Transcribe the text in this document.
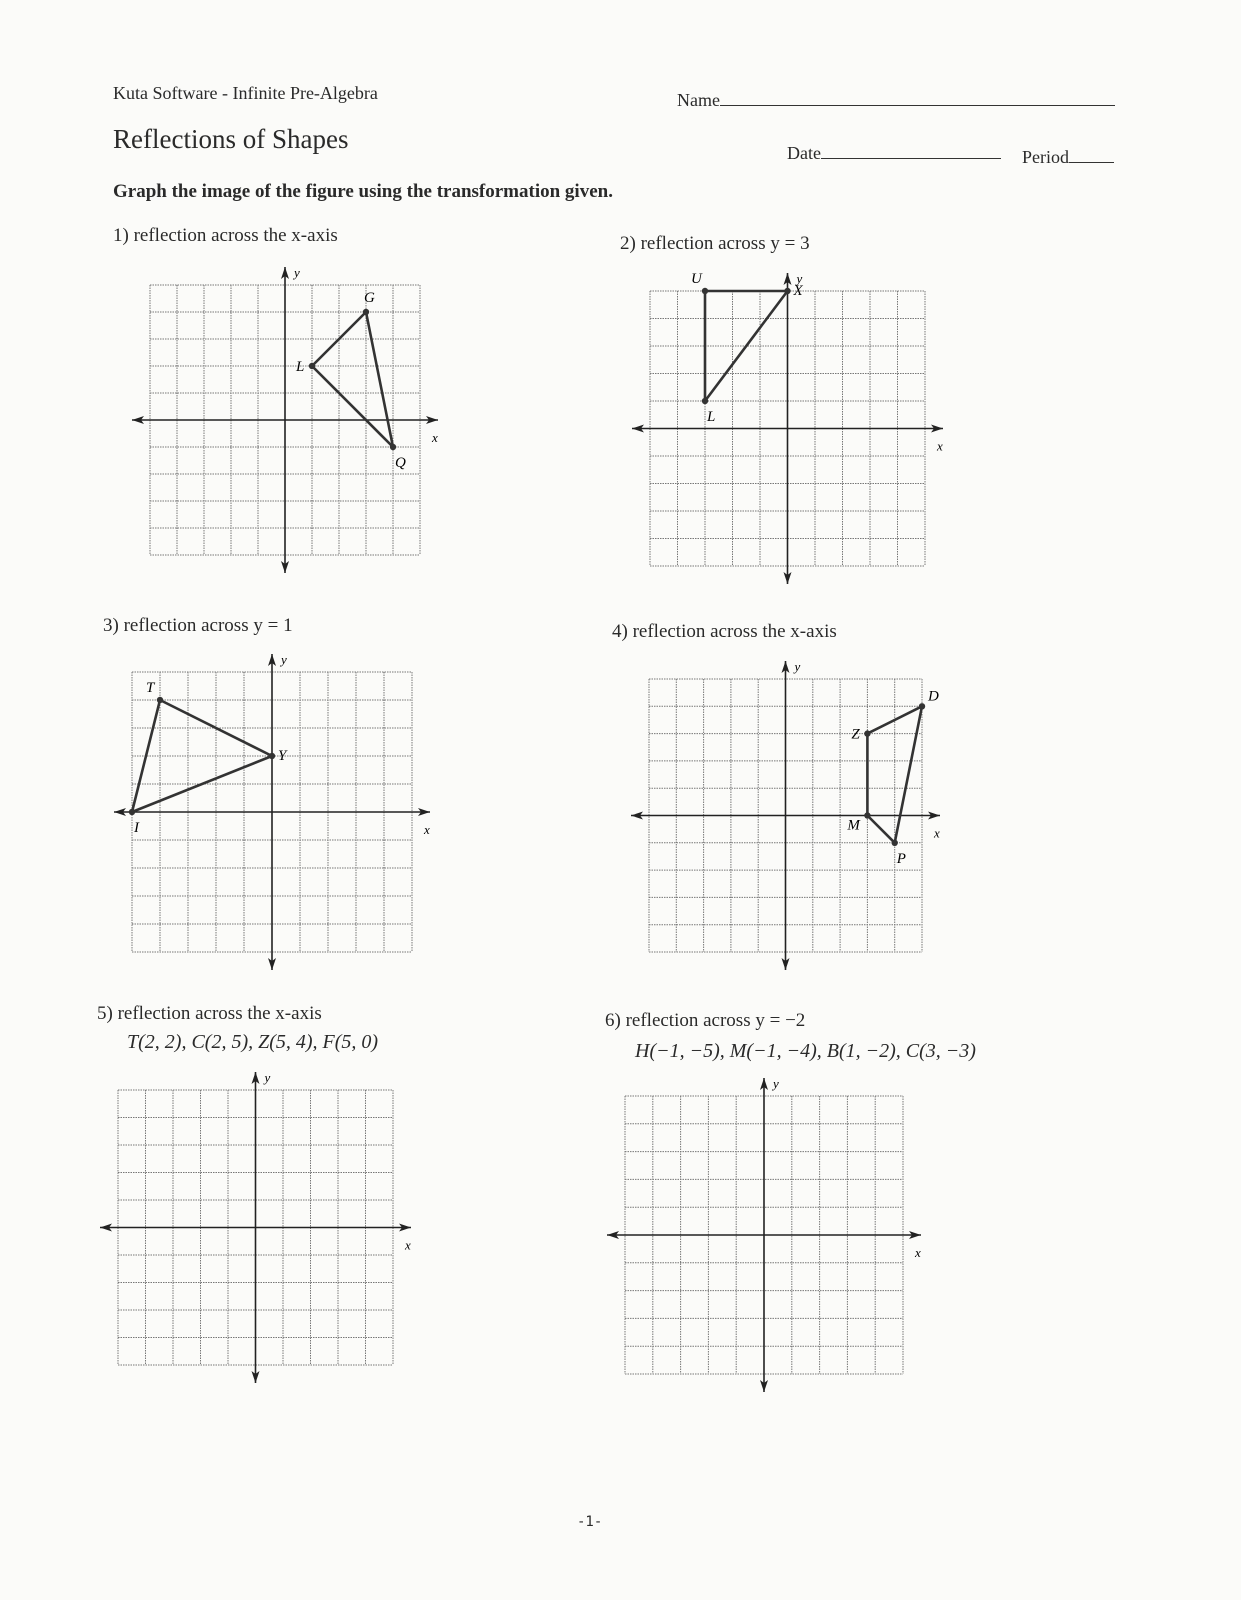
Kuta Software - Infinite Pre-Algebra	Name
Reflections of Shapes	Date	Period
Graph the image of the figure using the transformation given.
1) reflection across the x-axis	2) reflection across y = 3
3) reflection across y = 1	4) reflection across the x-axis
5) reflection across the x-axis
T(2, 2), C(2, 5), Z(5, 4), F(5, 0)
6) reflection across y = −2
H(−1, −5), M(−1, −4), B(1, −2), C(3, −3)
x
y
G
Q
L
x
y
U
X
L
x
y
T
Y
I	x
y
D
P
M
Z
x
y
x
y
-1-
